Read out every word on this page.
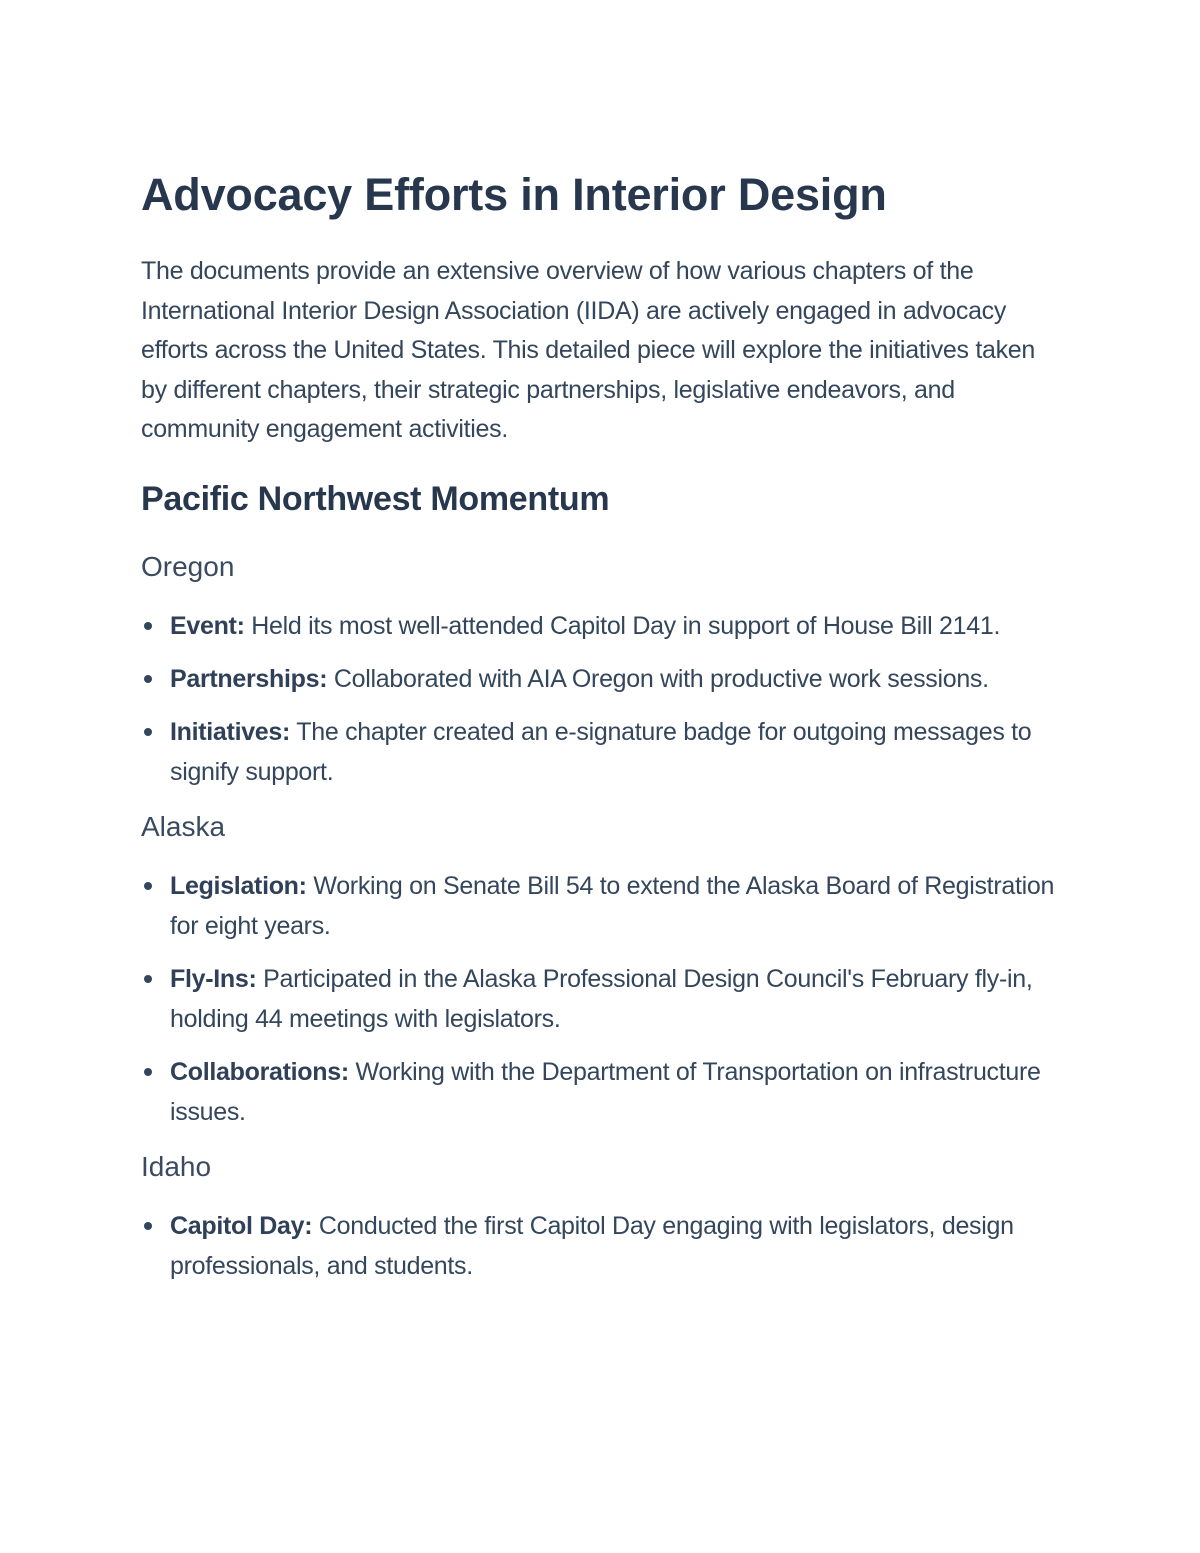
Advocacy Efforts in Interior Design

The documents provide an extensive overview of how various chapters of the International Interior Design Association (IIDA) are actively engaged in advocacy efforts across the United States. This detailed piece will explore the initiatives taken by different chapters, their strategic partnerships, legislative endeavors, and community engagement activities.

Pacific Northwest Momentum
Oregon
Event: Held its most well-attended Capitol Day in support of House Bill 2141.
Partnerships: Collaborated with AIA Oregon with productive work sessions.
Initiatives: The chapter created an e-signature badge for outgoing messages to signify support.
Alaska
Legislation: Working on Senate Bill 54 to extend the Alaska Board of Registration for eight years.
Fly-Ins: Participated in the Alaska Professional Design Council's February fly-in, holding 44 meetings with legislators.
Collaborations: Working with the Department of Transportation on infrastructure issues.
Idaho
Capitol Day: Conducted the first Capitol Day engaging with legislators, design professionals, and students.
